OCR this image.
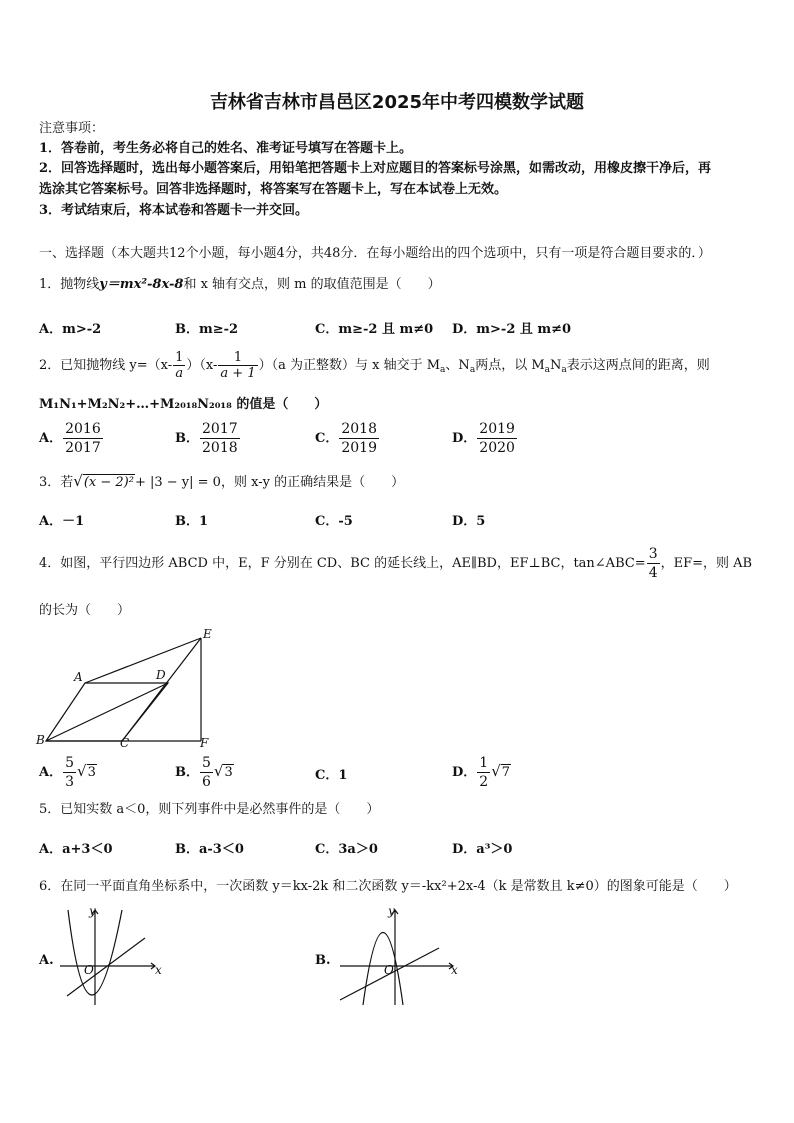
吉林省吉林市昌邑区2025年中考四模数学试题
注意事项：
1．答卷前，考生务必将自己的姓名、准考证号填写在答题卡上。
2．回答选择题时，选出每小题答案后，用铅笔把答题卡上对应题目的答案标号涂黑，如需改动，用橡皮擦干净后，再
选涂其它答案标号。回答非选择题时，将答案写在答题卡上，写在本试卷上无效。
3．考试结束后，将本试卷和答题卡一并交回。
一、选择题（本大题共12个小题，每小题4分，共48分．在每小题给出的四个选项中，只有一项是符合题目要求的．）
1．抛物线y＝mx²-8x-8和 x 轴有交点，则 m 的取值范围是（　　）
A．m>-2	B．m≥-2	C．m≥-2 且 m≠0 D．m>-2 且 m≠0
2．已知抛物线 $y=(x- \frac{1}{a} )(x- \frac{1}{a + 1} )(a$ 为正整数）与 x 轴交于 $M_a$、$N_a$两点，以 $M_aN_a$表示这两点间的距离，则
M₁N₁+M₂N₂+…+M₂₀₁₈N₂₀₁₈ 的值是（　　）
A． $\frac{2016}{2017}$	B． $\frac{2017}{2018}$	C． $\frac{2018}{2019}$	D． $\frac{2019}{2020}$
3．若√(x − 2)²+ |3 − y| = 0，则 x-y 的正确结果是（　　）
A．－1	B．1	C．-5	D．5
4．如图，平行四边形 ABCD 中，E，F 分别在 CD、BC 的延长线上，AE∥BD，EF⊥BC，tan∠ABC= $\frac{3}{4}$ ，EF=，则 AB
的长为（　　）
A
B	C
D
E
F
A． $\frac{5}{3} √3$	B． $\frac{5}{6} √3$	C．1	D． $\frac{1}{2} √7$
5．已知实数 a＜0，则下列事件中是必然事件的是（　　）
A．a+3＜0	B．a-3＜0	C．3a＞0	D．a³＞0
6．在同一平面直角坐标系中，一次函数 y＝kx-2k 和二次函数 y＝-kx²+2x-4（k 是常数且 k≠0）的图象可能是（　　）
A.
y
x
O
B.
y
x
O
